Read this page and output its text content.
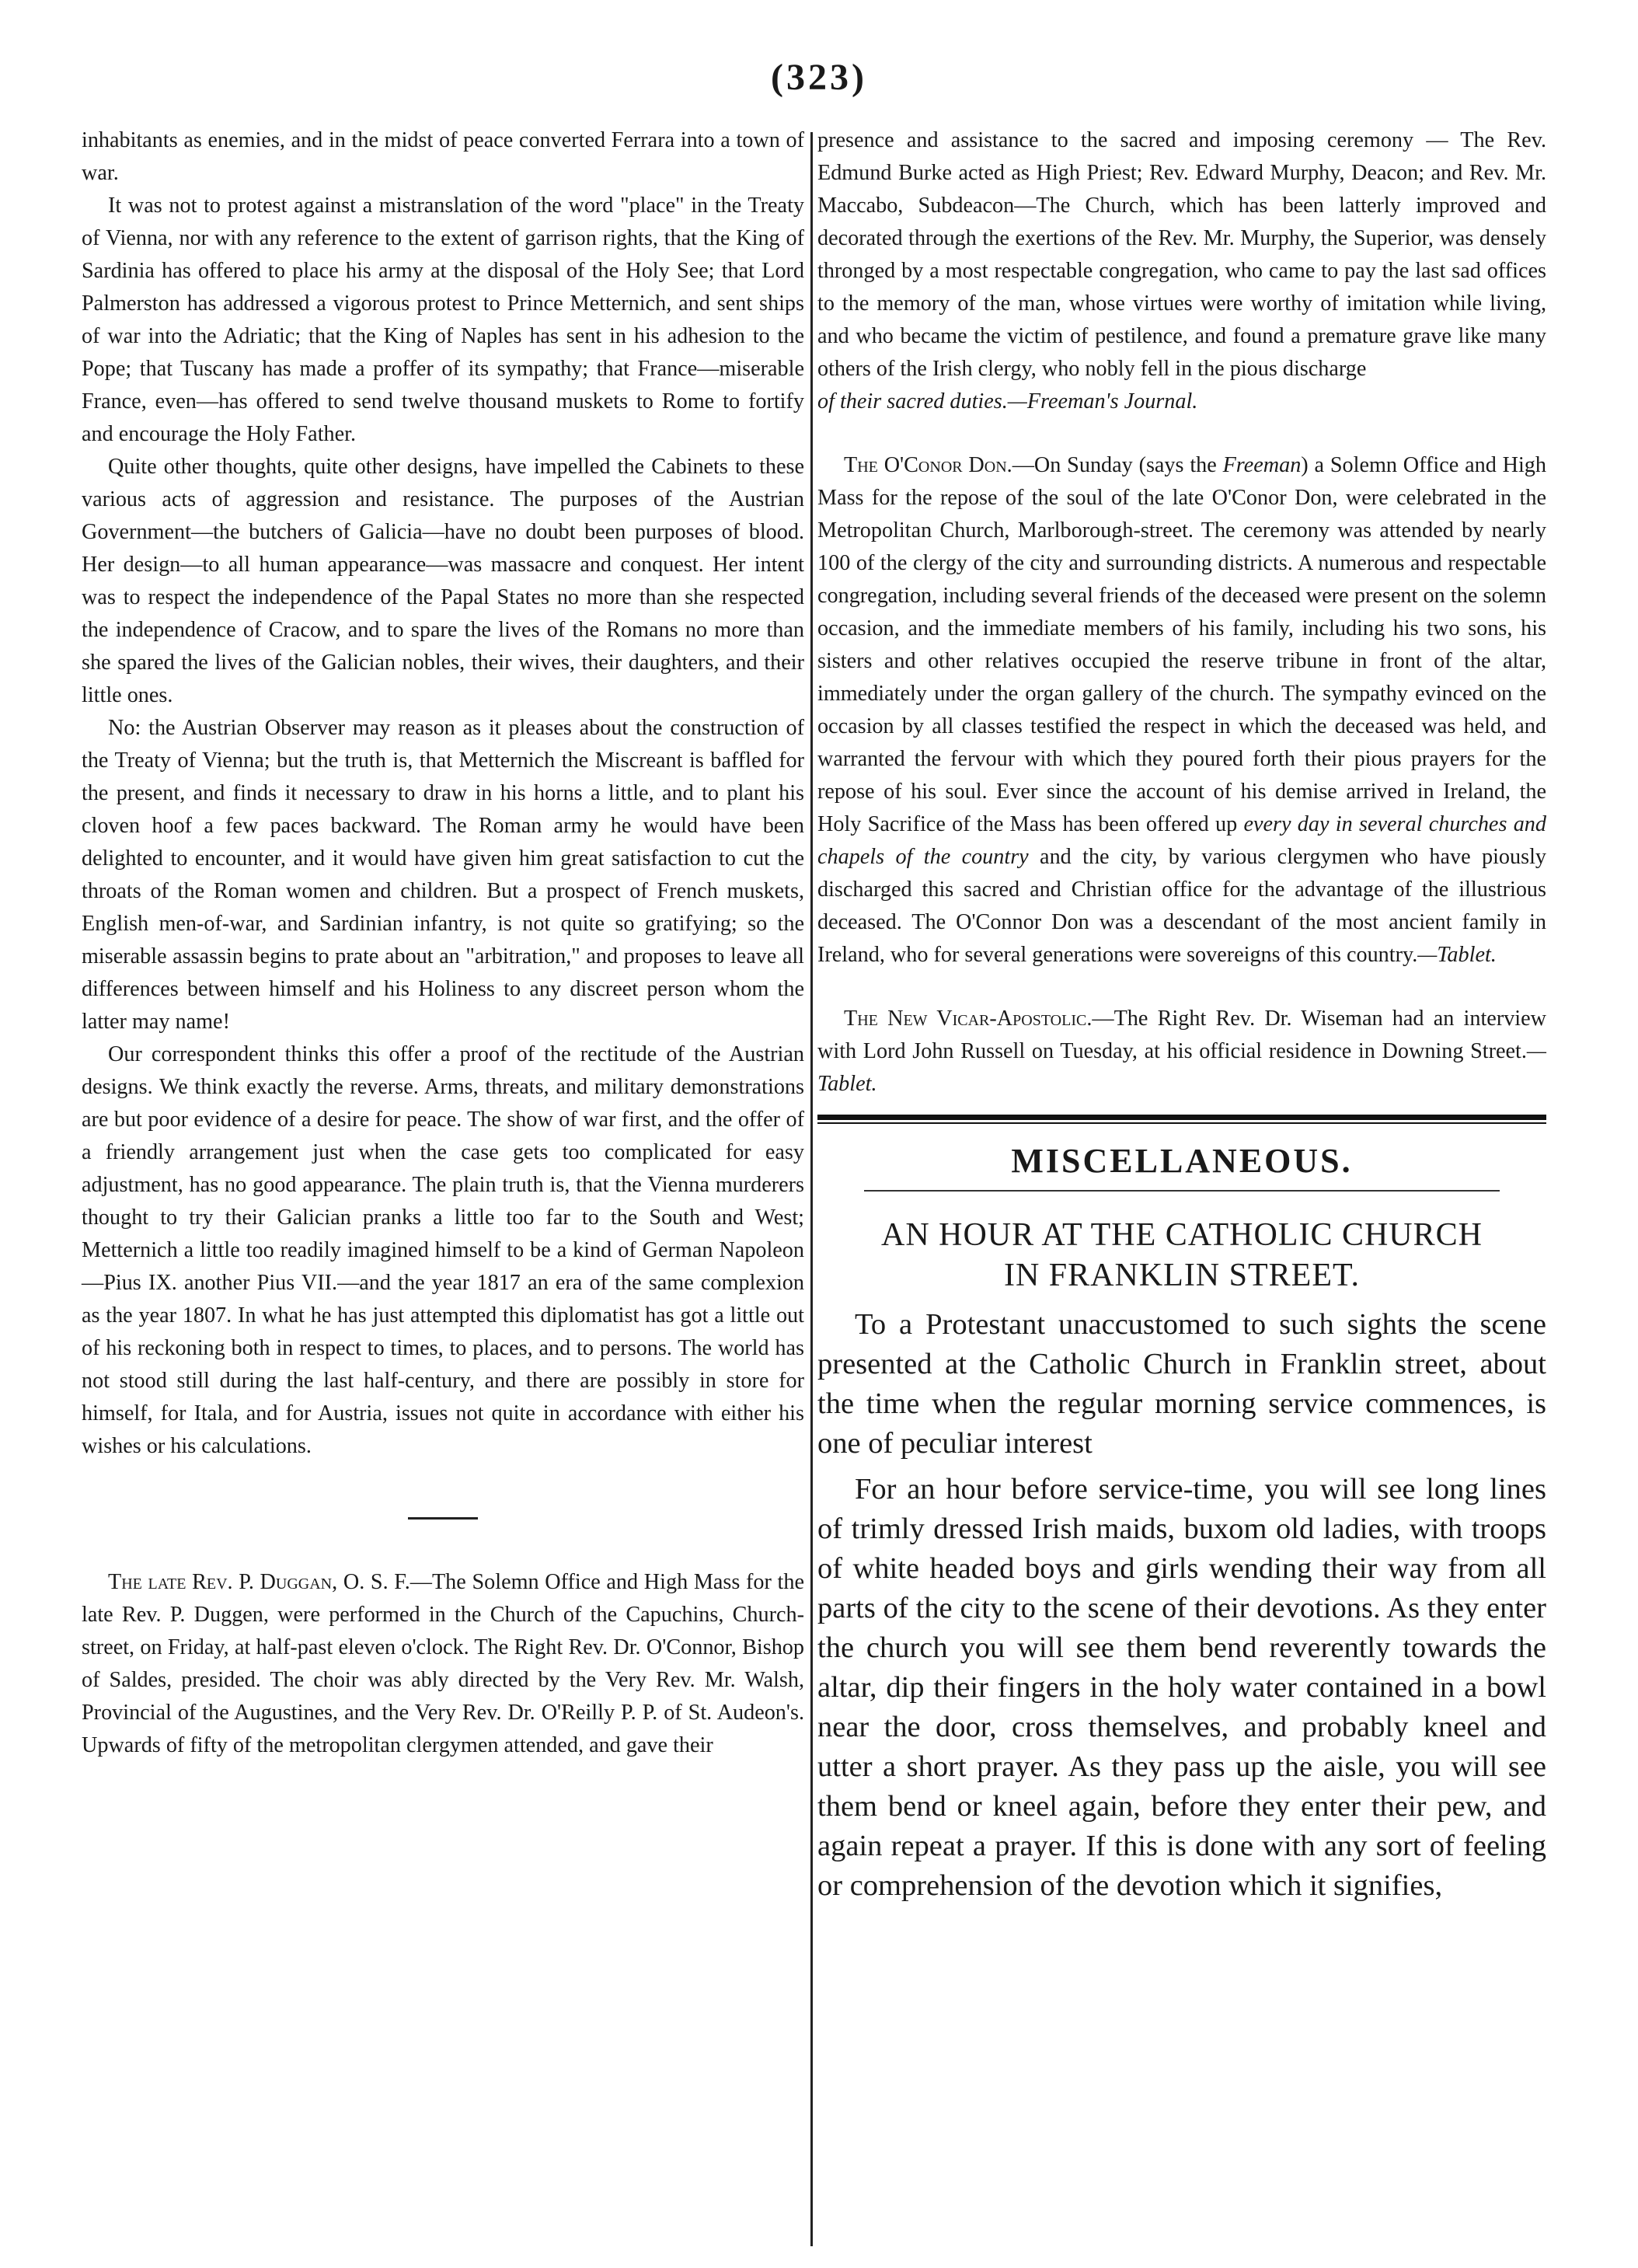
(323)

inhabitants as enemies, and in the midst of peace converted Ferrara into a town of war.

It was not to protest against a mistranslation of the word "place" in the Treaty of Vienna, nor with any reference to the extent of garrison rights, that the King of Sardinia has offered to place his army at the disposal of the Holy See; that Lord Palmerston has addressed a vigorous protest to Prince Metternich, and sent ships of war into the Adriatic; that the King of Naples has sent in his adhesion to the Pope; that Tuscany has made a proffer of its sympathy; that France—miserable France, even—has offered to send twelve thousand muskets to Rome to fortify and encourage the Holy Father.

Quite other thoughts, quite other designs, have impelled the Cabinets to these various acts of aggression and resistance. The purposes of the Austrian Government—the butchers of Galicia—have no doubt been purposes of blood. Her design—to all human appearance—was massacre and conquest. Her intent was to respect the independence of the Papal States no more than she respected the independence of Cracow, and to spare the lives of the Romans no more than she spared the lives of the Galician nobles, their wives, their daughters, and their little ones.

No: the Austrian Observer may reason as it pleases about the construction of the Treaty of Vienna; but the truth is, that Metternich the Miscreant is baffled for the present, and finds it necessary to draw in his horns a little, and to plant his cloven hoof a few paces backward. The Roman army he would have been delighted to encounter, and it would have given him great satisfaction to cut the throats of the Roman women and children. But a prospect of French muskets, English men-of-war, and Sardinian infantry, is not quite so gratifying; so the miserable assassin begins to prate about an "arbitration," and proposes to leave all differences between himself and his Holiness to any discreet person whom the latter may name!

Our correspondent thinks this offer a proof of the rectitude of the Austrian designs. We think exactly the reverse. Arms, threats, and military demonstrations are but poor evidence of a desire for peace. The show of war first, and the offer of a friendly arrangement just when the case gets too complicated for easy adjustment, has no good appearance. The plain truth is, that the Vienna murderers thought to try their Galician pranks a little too far to the South and West; Metternich a little too readily imagined himself to be a kind of German Napoleon—Pius IX. another Pius VII.—and the year 1817 an era of the same complexion as the year 1807. In what he has just attempted this diplomatist has got a little out of his reckoning both in respect to times, to places, and to persons. The world has not stood still during the last half-century, and there are possibly in store for himself, for Itala, and for Austria, issues not quite in accordance with either his wishes or his calculations.

The late Rev. P. Duggan, O. S. F.—The Solemn Office and High Mass for the late Rev. P. Duggen, were performed in the Church of the Capuchins, Church-street, on Friday, at half-past eleven o'clock. The Right Rev. Dr. O'Connor, Bishop of Saldes, presided. The choir was ably directed by the Very Rev. Mr. Walsh, Provincial of the Augustines, and the Very Rev. Dr. O'Reilly P. P. of St. Audeon's. Upwards of fifty of the metropolitan clergymen attended, and gave their

presence and assistance to the sacred and imposing ceremony — The Rev. Edmund Burke acted as High Priest; Rev. Edward Murphy, Deacon; and Rev. Mr. Maccabo, Subdeacon—The Church, which has been latterly improved and decorated through the exertions of the Rev. Mr. Murphy, the Superior, was densely thronged by a most respectable congregation, who came to pay the last sad offices to the memory of the man, whose virtues were worthy of imitation while living, and who became the victim of pestilence, and found a premature grave like many others of the Irish clergy, who nobly fell in the pious discharge

of their sacred duties.—Freeman's Journal.

The O'Conor Don.—On Sunday (says the Freeman) a Solemn Office and High Mass for the repose of the soul of the late O'Conor Don, were celebrated in the Metropolitan Church, Marlborough-street. The ceremony was attended by nearly 100 of the clergy of the city and surrounding districts. A numerous and respectable congregation, including several friends of the deceased were present on the solemn occasion, and the immediate members of his family, including his two sons, his sisters and other relatives occupied the reserve tribune in front of the altar, immediately under the organ gallery of the church. The sympathy evinced on the occasion by all classes testified the respect in which the deceased was held, and warranted the fervour with which they poured forth their pious prayers for the repose of his soul. Ever since the account of his demise arrived in Ireland, the Holy Sacrifice of the Mass has been offered up every day in several churches and chapels of the country and the city, by various clergymen who have piously discharged this sacred and Christian office for the advantage of the illustrious deceased. The O'Connor Don was a descendant of the most ancient family in Ireland, who for several generations were sovereigns of this country.—Tablet.

The New Vicar-Apostolic.—The Right Rev. Dr. Wiseman had an interview with Lord John Russell on Tuesday, at his official residence in Downing Street.—Tablet.

MISCELLANEOUS.
AN HOUR AT THE CATHOLIC CHURCH
IN FRANKLIN STREET.

To a Protestant unaccustomed to such sights the scene presented at the Catholic Church in Franklin street, about the time when the regular morning service commences, is one of peculiar interest

For an hour before service-time, you will see long lines of trimly dressed Irish maids, buxom old ladies, with troops of white headed boys and girls wending their way from all parts of the city to the scene of their devotions. As they enter the church you will see them bend reverently towards the altar, dip their fingers in the holy water contained in a bowl near the door, cross themselves, and probably kneel and utter a short prayer. As they pass up the aisle, you will see them bend or kneel again, before they enter their pew, and again repeat a prayer. If this is done with any sort of feeling or comprehension of the devotion which it signifies,
